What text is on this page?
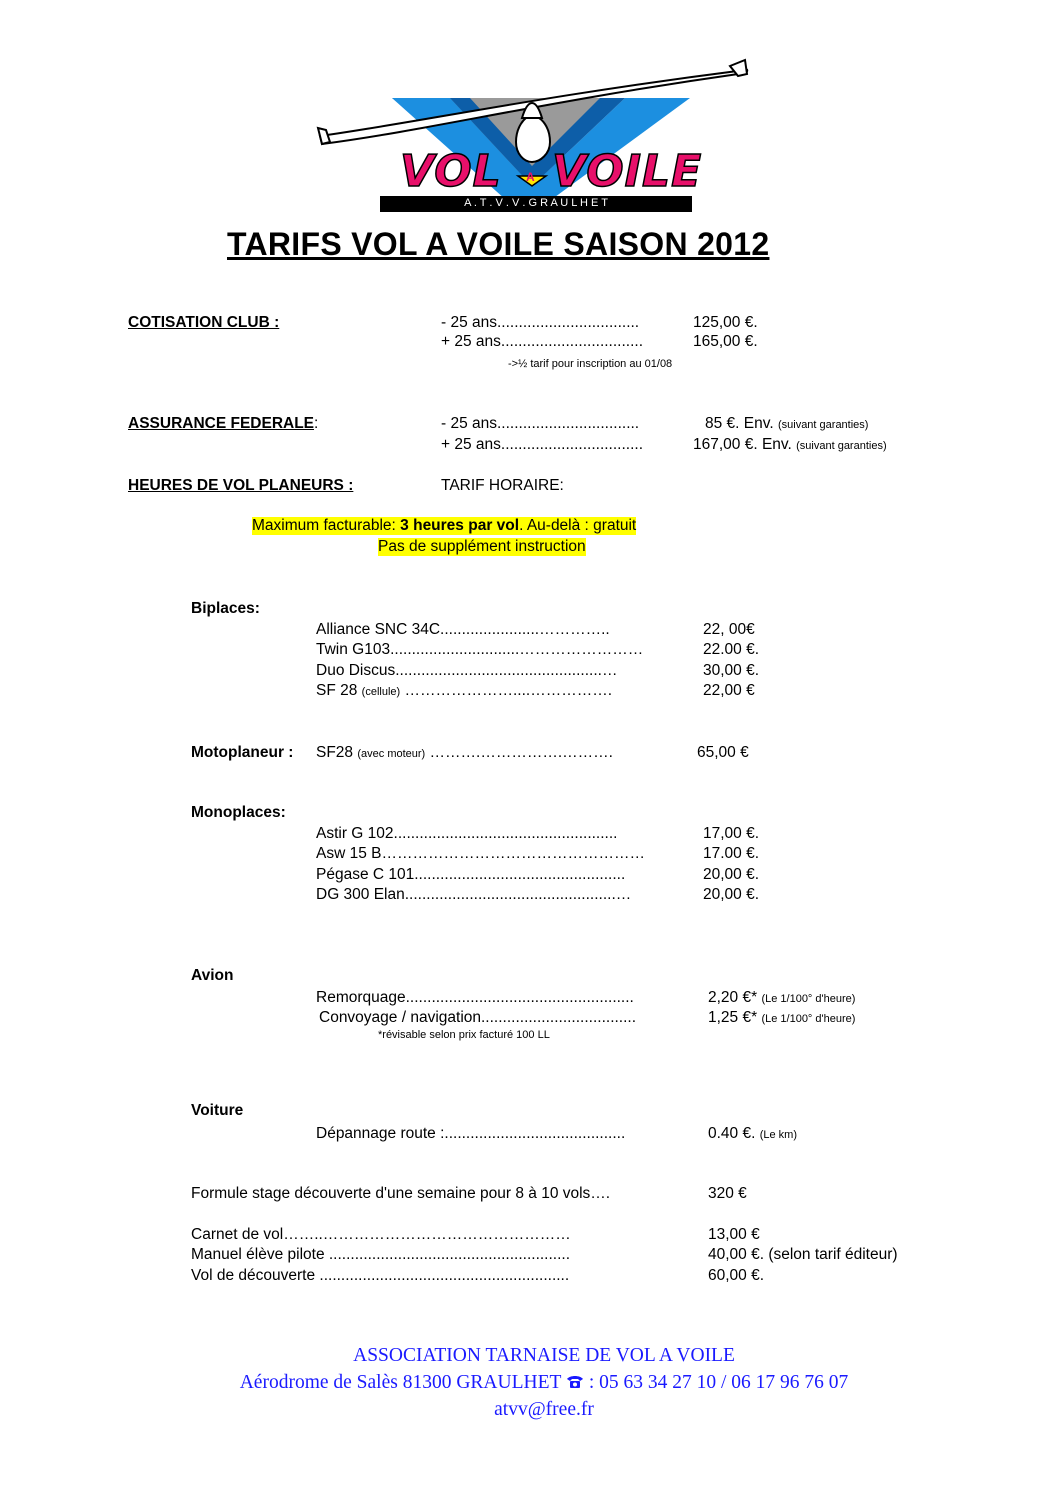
VOL A VOILE
A . T . V . V . G R A U L H E T
TARIFS VOL A VOILE SAISON 2012
COTISATION CLUB :	- 25 ans.................................	125,00 €.
+ 25 ans.................................	165,00 €.
->½ tarif pour inscription au 01/08
ASSURANCE FEDERALE:	- 25 ans.................................	85 €. Env. (suivant garanties)
+ 25 ans.................................	167,00 €. Env. (suivant garanties)
HEURES DE VOL PLANEURS :	TARIF HORAIRE:
Maximum facturable: 3 heures par vol. Au-delà : gratuit
Pas de supplément instruction
Biplaces:
Alliance SNC 34C.......................…………..	22, 00€
Twin G103..............................……………………	22.00 €.
Duo Discus................................................…	30,00 €.
SF 28 (cellule) …………………....…………….	22,00 €
Motoplaneur : SF28 (avec moteur) ……….…………….……….	65,00 €
Monoplaces:
Astir G 102....................................................	17,00 €.
Asw 15 B……………………………………………	17.00 €.
Pégase C 101.................................................	20,00 €.
DG 300 Elan.................................................…	20,00 €.
Avion
Remorquage.....................................................	2,20 €* (Le 1/100° d'heure)
Convoyage / navigation....................................	1,25 €* (Le 1/100° d'heure)
*révisable selon prix facturé 100 LL
Voiture
Dépannage route :..........................................	0.40 €. (Le km)
Formule stage découverte d'une semaine pour 8 à 10 vols….	320 €
Carnet de vol……..…………………………………………	13,00 €
Manuel élève pilote ........................................................	40,00 €. (selon tarif éditeur)
Vol de découverte ..........................................................	60,00 €.
ASSOCIATION TARNAISE DE VOL A VOILE
Aérodrome de Salès 81300 GRAULHET  : 05 63 34 27 10 / 06 17 96 76 07
atvv@free.fr
